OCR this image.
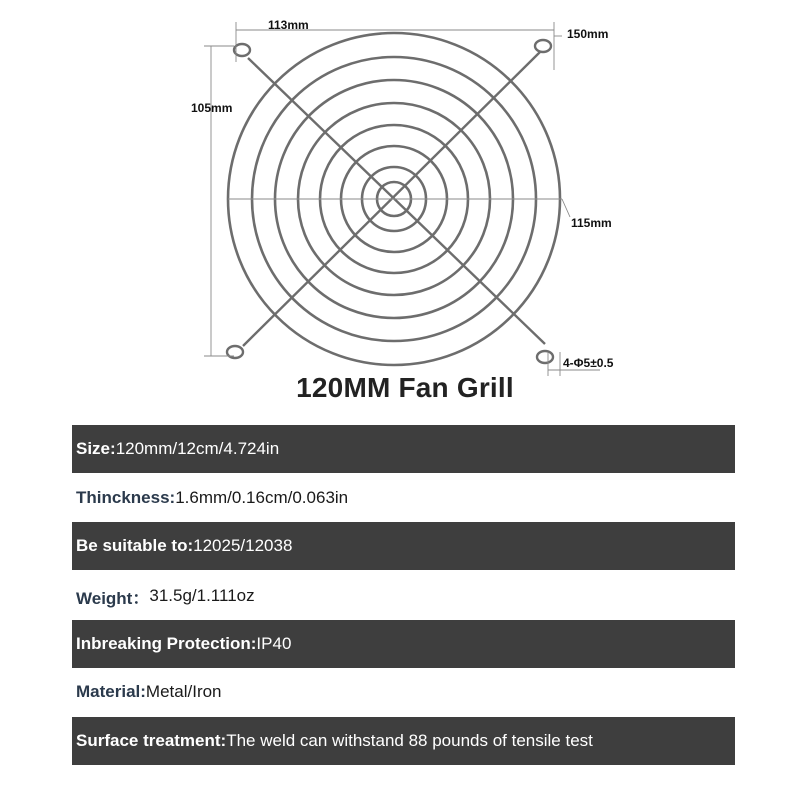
113mm
150mm
105mm
115mm
4-Φ5±0.5
120MM Fan Grill
Size: 120mm/12cm/4.724in
Thinckness: 1.6mm/0.16cm/0.063in
Be suitable to: 12025/12038
Weight： 31.5g/1.111oz
Inbreaking Protection: IP40
Material: Metal/Iron
Surface treatment: The weld can withstand 88 pounds of tensile test
